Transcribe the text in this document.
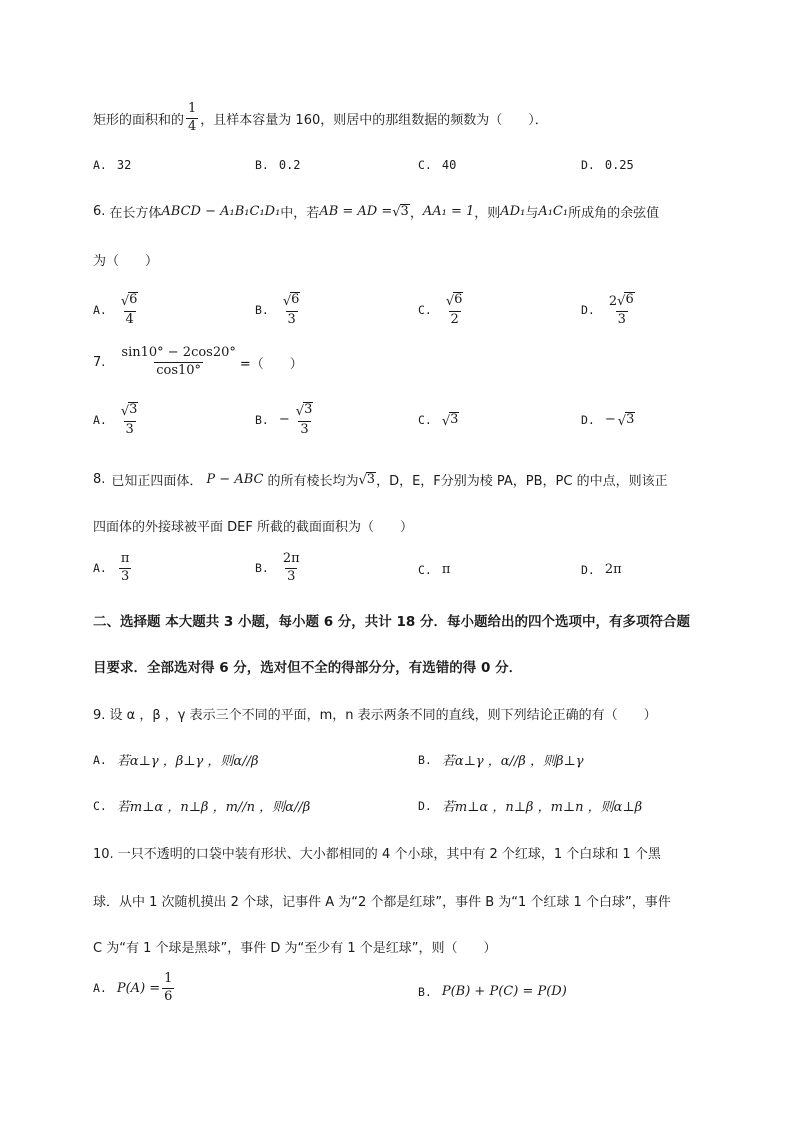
矩形的面积和的 $\frac{1}{4}$ ，且样本容量为 160，则居中的那组数据的频数为（　　）．
A. 32	B. 0.2	C. 40	D. 0.25
6. 在长方体 ABCD − A₁B₁C₁D₁ 中，若 AB = AD = √ 3 ， AA₁ = 1 ，则 AD₁ 与 A₁C₁ 所成角的余弦值
为（　　）
A. $\frac{√ 6}{4}$	B. $\frac{√ 6}{3}$	C. $\frac{√ 6}{2}$	D. $\frac{2 √ 6}{3}$
7. $\frac{\sin 10^\circ - 2\cos 20^\circ}{\cos 10^\circ}$ =（　　）
A. $\frac{√ 3}{3}$	B. − $\frac{√ 3}{3}$	C. √ 3	D. − √ 3
8. 已知正四面体． P − ABC 的所有棱长均为 √ 3 ，D，E，F分别为棱 PA，PB，PC 的中点，则该正
四面体的外接球被平面 DEF 所截的截面面积为（　　）
A. $\frac{\pi}{3}$	B. $\frac{2\pi}{3}$	C. π	D. 2π
二、选择题 本大题共 3 小题，每小题 6 分，共计 18 分．每小题给出的四个选项中，有多项符合题
目要求．全部选对得 6 分，选对但不全的得部分分，有选错的得 0 分．
9. 设 α ，β ，γ 表示三个不同的平面，m，n 表示两条不同的直线，则下列结论正确的有（　　）
A. 若α⊥γ ，β⊥γ ，则α//β	B. 若α⊥γ ，α//β ，则β⊥γ
C. 若m⊥α ，n⊥β ，m//n ，则α//β	D. 若m⊥α ，n⊥β ，m⊥n ，则α⊥β
10. 一只不透明的口袋中装有形状、大小都相同的 4 个小球，其中有 2 个红球，1 个白球和 1 个黑
球．从中 1 次随机摸出 2 个球，记事件 A 为“2 个都是红球”，事件 B 为“1 个红球 1 个白球”，事件
C 为“有 1 个球是黑球”，事件 D 为“至少有 1 个是红球”，则（　　）
A. $P(A) = \frac{1}{6}$	B. P(B) + P(C) = P(D)
